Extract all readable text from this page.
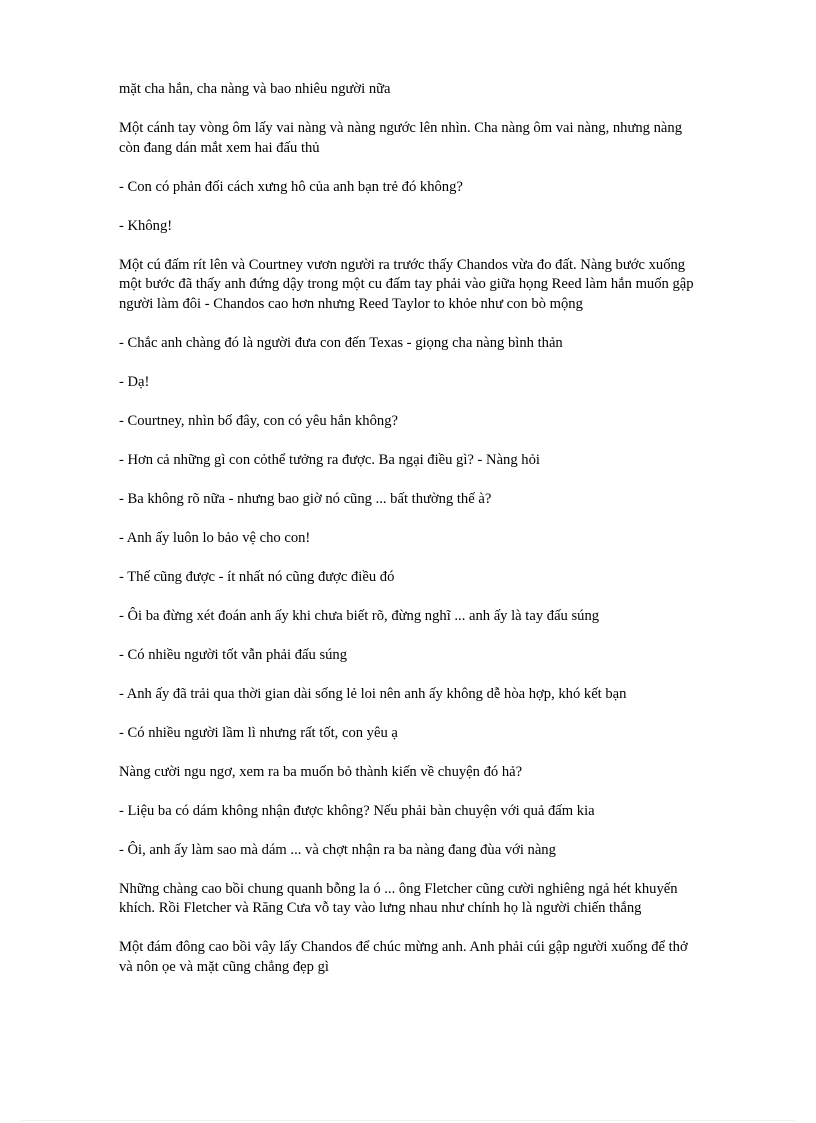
mặt cha hắn, cha nàng và bao nhiêu người nữa

Một cánh tay vòng ôm lấy vai nàng và nàng ngước lên nhìn. Cha nàng ôm vai nàng, nhưng nàng còn đang dán mắt xem hai đấu thủ

- Con có phản đối cách xưng hô của anh bạn trẻ đó không?

- Không!

Một cú đấm rít lên và Courtney vươn người ra trước thấy Chandos vừa đo đất. Nàng bước xuống một bước đã thấy anh đứng dậy trong một cu đấm tay phải vào giữa họng Reed làm hắn muốn gập người làm đôi - Chandos cao hơn nhưng Reed Taylor to khỏe như con bò mộng

- Chắc anh chàng đó là người đưa con đến Texas - giọng cha nàng bình thản

- Dạ!

- Courtney, nhìn bố đây, con có yêu hắn không?

- Hơn cả những gì con cỏthể tưởng ra được. Ba ngại điều gì? - Nàng hỏi

- Ba không rõ nữa - nhưng bao giờ nó cũng ... bất thường thế à?

- Anh ấy luôn lo bảo vệ cho con!

- Thế cũng được - ít nhất nó cũng được điều đó

- Ôi ba đừng xét đoán anh ấy khi chưa biết rõ, đừng nghĩ ... anh ấy là tay đấu súng

- Có nhiều người tốt vẫn phải đấu súng

- Anh ấy đã trải qua thời gian dài sống lẻ loi nên anh ấy không dễ hòa hợp, khó kết bạn

- Có nhiều người lầm lì nhưng rất tốt, con yêu ạ

Nàng cười ngu ngơ, xem ra ba muốn bỏ thành kiến về chuyện đó hả?

- Liệu ba có dám không nhận được không? Nếu phải bàn chuyện với quả đấm kia

- Ôi, anh ấy làm sao mà dám ... và chợt nhận ra ba nàng đang đùa với nàng

Những chàng cao bồi chung quanh bỗng la ó ... ông Fletcher cũng cười nghiêng ngả hét khuyến khích. Rồi Fletcher và Răng Cưa vỗ tay vào lưng nhau như chính họ là người chiến thắng

Một đám đông cao bồi vây lấy Chandos để chúc mừng anh. Anh phải cúi gập người xuống để thở và nôn ọe và mặt cũng chẳng đẹp gì
